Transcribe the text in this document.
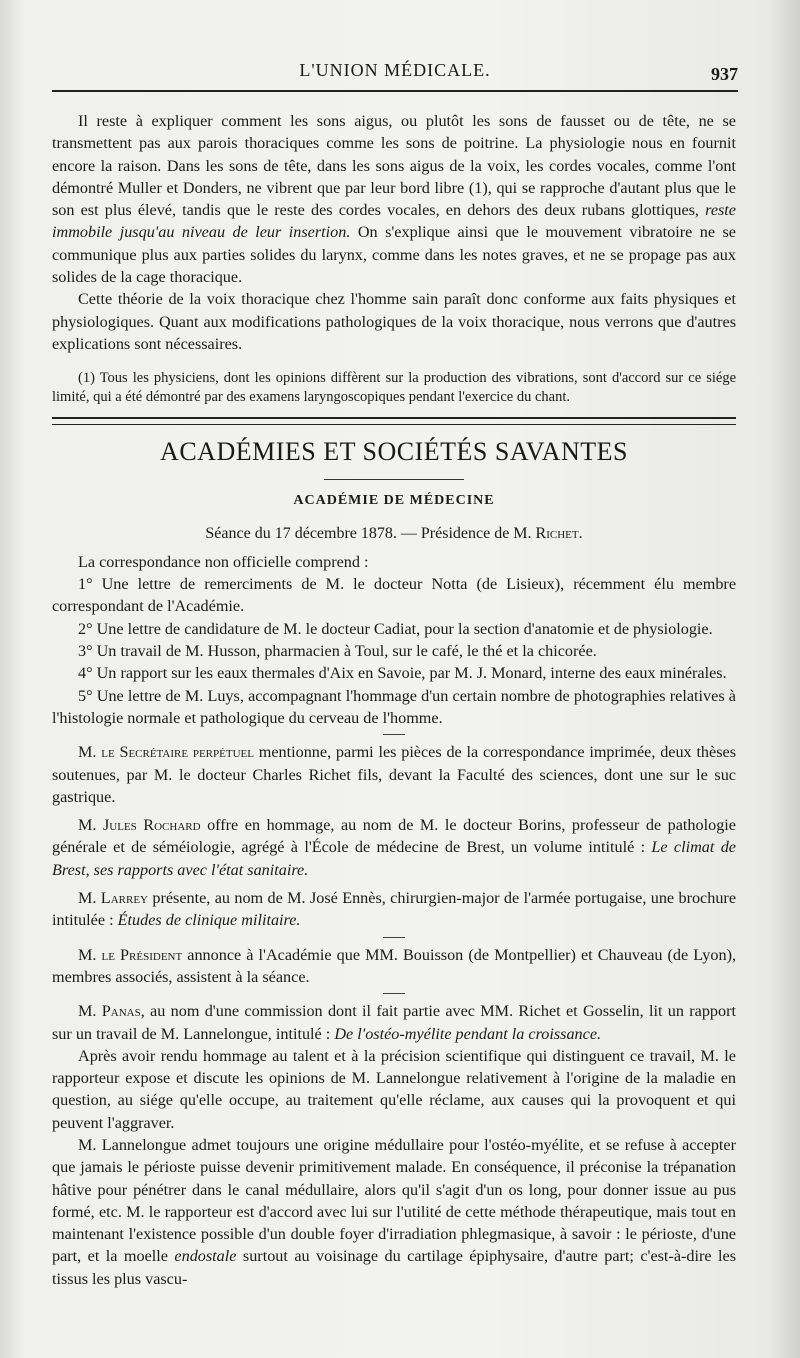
L'UNION MÉDICALE.	937

Il reste à expliquer comment les sons aigus, ou plutôt les sons de fausset ou de tête, ne se transmettent pas aux parois thoraciques comme les sons de poitrine. La physiologie nous en fournit encore la raison. Dans les sons de tête, dans les sons aigus de la voix, les cordes vocales, comme l'ont démontré Muller et Donders, ne vibrent que par leur bord libre (1), qui se rapproche d'autant plus que le son est plus élevé, tandis que le reste des cordes vocales, en dehors des deux rubans glottiques, reste immobile jusqu'au niveau de leur insertion. On s'explique ainsi que le mouvement vibratoire ne se communique plus aux parties solides du larynx, comme dans les notes graves, et ne se propage pas aux solides de la cage thoracique.

Cette théorie de la voix thoracique chez l'homme sain paraît donc conforme aux faits physiques et physiologiques. Quant aux modifications pathologiques de la voix thoracique, nous verrons que d'autres explications sont nécessaires.

(1) Tous les physiciens, dont les opinions diffèrent sur la production des vibrations, sont d'accord sur ce siége limité, qui a été démontré par des examens laryngoscopiques pendant l'exercice du chant.

ACADÉMIES ET SOCIÉTÉS SAVANTES
ACADÉMIE DE MÉDECINE
Séance du 17 décembre 1878. — Présidence de M. Richet.

La correspondance non officielle comprend :

1° Une lettre de remerciments de M. le docteur Notta (de Lisieux), récemment élu membre correspondant de l'Académie.

2° Une lettre de candidature de M. le docteur Cadiat, pour la section d'anatomie et de physiologie.

3° Un travail de M. Husson, pharmacien à Toul, sur le café, le thé et la chicorée.

4° Un rapport sur les eaux thermales d'Aix en Savoie, par M. J. Monard, interne des eaux minérales.

5° Une lettre de M. Luys, accompagnant l'hommage d'un certain nombre de photographies relatives à l'histologie normale et pathologique du cerveau de l'homme.

M. le Secrétaire perpétuel mentionne, parmi les pièces de la correspondance imprimée, deux thèses soutenues, par M. le docteur Charles Richet fils, devant la Faculté des sciences, dont une sur le suc gastrique.

M. Jules Rochard offre en hommage, au nom de M. le docteur Borins, professeur de pathologie générale et de séméiologie, agrégé à l'École de médecine de Brest, un volume intitulé : Le climat de Brest, ses rapports avec l'état sanitaire.

M. Larrey présente, au nom de M. José Ennès, chirurgien-major de l'armée portugaise, une brochure intitulée : Études de clinique militaire.

M. le Président annonce à l'Académie que MM. Bouisson (de Montpellier) et Chauveau (de Lyon), membres associés, assistent à la séance.

M. Panas, au nom d'une commission dont il fait partie avec MM. Richet et Gosselin, lit un rapport sur un travail de M. Lannelongue, intitulé : De l'ostéo-myélite pendant la croissance.

Après avoir rendu hommage au talent et à la précision scientifique qui distinguent ce travail, M. le rapporteur expose et discute les opinions de M. Lannelongue relativement à l'origine de la maladie en question, au siége qu'elle occupe, au traitement qu'elle réclame, aux causes qui la provoquent et qui peuvent l'aggraver.

M. Lannelongue admet toujours une origine médullaire pour l'ostéo-myélite, et se refuse à accepter que jamais le périoste puisse devenir primitivement malade. En conséquence, il préconise la trépanation hâtive pour pénétrer dans le canal médullaire, alors qu'il s'agit d'un os long, pour donner issue au pus formé, etc. M. le rapporteur est d'accord avec lui sur l'utilité de cette méthode thérapeutique, mais tout en maintenant l'existence possible d'un double foyer d'irradiation phlegmasique, à savoir : le périoste, d'une part, et la moelle endostale surtout au voisinage du cartilage épiphysaire, d'autre part; c'est-à-dire les tissus les plus vascu-
